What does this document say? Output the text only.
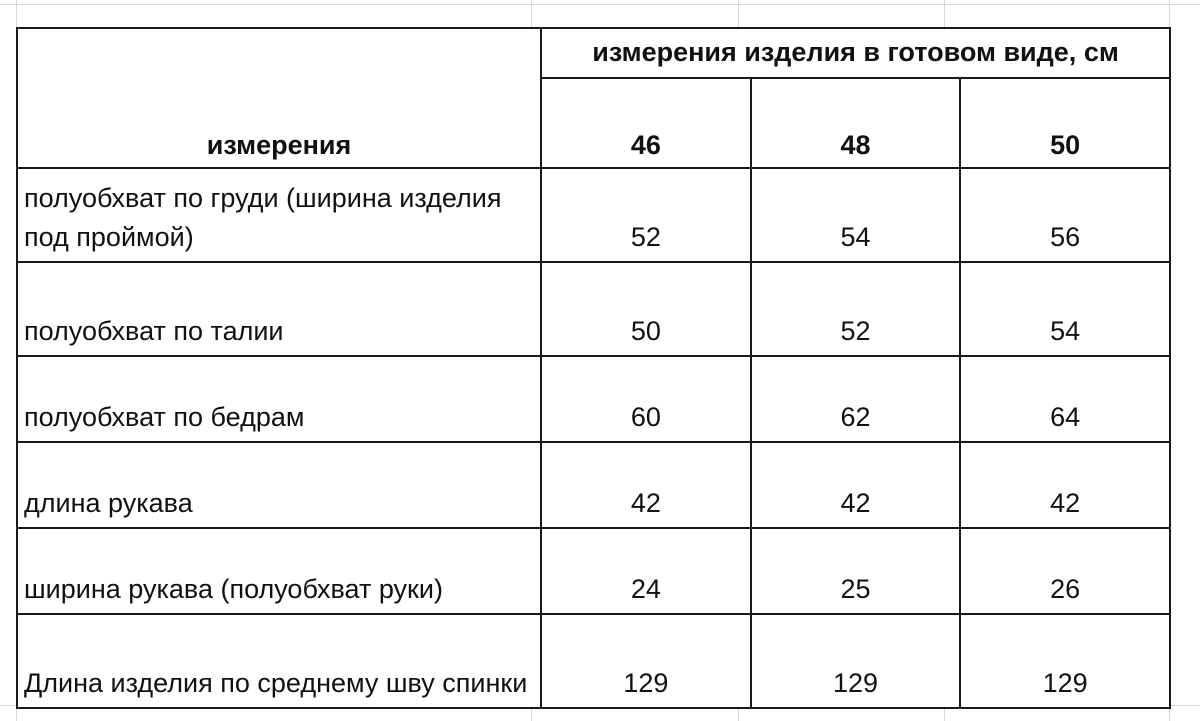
измерения	измерения изделия в готовом виде, см		
	46	48	50
полуобхват по груди (ширина изделия под проймой)	52	54	56
полуобхват по талии	50	52	54
полуобхват по бедрам	60	62	64
длина рукава	42	42	42
ширина рукава (полуобхват руки)	24	25	26
Длина изделия по среднему шву спинки	129	129	129
